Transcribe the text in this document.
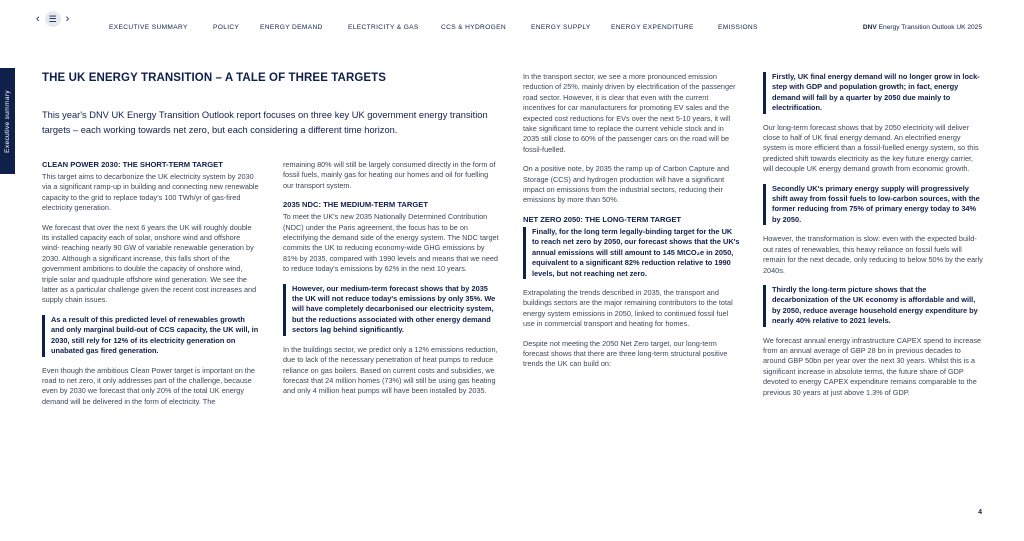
‹ ☰ ›
EXECUTIVE SUMMARY	POLICY	ENERGY DEMAND	ELECTRICITY & GAS	CCS & HYDROGEN	ENERGY SUPPLY	ENERGY EXPENDITURE	EMISSIONS	DNV Energy Transition Outlook UK 2025
Executive summary
THE UK ENERGY TRANSITION – A TALE OF THREE TARGETS
This year's DNV UK Energy Transition Outlook report focuses on three key UK government energy transition targets – each working towards net zero, but each considering a different time horizon.
CLEAN POWER 2030: THE SHORT-TERM TARGET

This target aims to decarbonize the UK electricity system by 2030 via a significant ramp-up in building and connecting new renewable capacity to the grid to replace today's 100 TWh/yr of gas-fired electricity generation.

We forecast that over the next 6 years the UK will roughly double its installed capacity each of solar, onshore wind and offshore wind- reaching nearly 90 GW of variable renewable generation by 2030. Although a significant increase, this falls short of the government ambitions to double the capacity of onshore wind, triple solar and quadruple offshore wind generation. We see the latter as a particular challenge given the recent cost increases and supply chain issues.

As a result of this predicted level of renewables growth and only marginal build-out of CCS capacity, the UK will, in 2030, still rely for 12% of its electricity generation on unabated gas fired generation.

Even though the ambitious Clean Power target is important on the road to net zero, it only addresses part of the challenge, because even by 2030 we forecast that only 20% of the total UK energy demand will be delivered in the form of electricity. The

remaining 80% will still be largely consumed directly in the form of fossil fuels, mainly gas for heating our homes and oil for fuelling our transport system.

2035 NDC: THE MEDIUM-TERM TARGET

To meet the UK's new 2035 Nationally Determined Contribution (NDC) under the Paris agreement, the focus has to be on electrifying the demand side of the energy system. The NDC target commits the UK to reducing economy-wide GHG emissions by 81% by 2035, compared with 1990 levels and means that we need to reduce today's emissions by 62% in the next 10 years.

However, our medium-term forecast shows that by 2035 the UK will not reduce today's emissions by only 35%. We will have completely decarbonised our electricity system, but the reductions associated with other energy demand sectors lag behind significantly.

In the buildings sector, we predict only a 12% emissions reduction, due to lack of the necessary penetration of heat pumps to reduce reliance on gas boilers. Based on current costs and subsidies, we forecast that 24 million homes (73%) will still be using gas heating and only 4 million heat pumps will have been installed by 2035.

In the transport sector, we see a more pronounced emission reduction of 25%, mainly driven by electrification of the passenger road sector. However, it is clear that even with the current incentives for car manufacturers for promoting EV sales and the expected cost reductions for EVs over the next 5-10 years, it will take significant time to replace the current vehicle stock and in 2035 still close to 60% of the passenger cars on the road will be fossil-fuelled.

On a positive note, by 2035 the ramp up of Carbon Capture and Storage (CCS) and hydrogen production will have a significant impact on emissions from the industrial sectors, reducing their emissions by more than 50%.

NET ZERO 2050: THE LONG-TERM TARGET
Finally, for the long term legally-binding target for the UK to reach net zero by 2050, our forecast shows that the UK's annual emissions will still amount to 145 MtCO₂e in 2050, equivalent to a significant 82% reduction relative to 1990 levels, but not reaching net zero.

Extrapolating the trends described in 2035, the transport and buildings sectors are the major remaining contributors to the total energy system emissions in 2050, linked to continued fossil fuel use in commercial transport and heating for homes.

Despite not meeting the 2050 Net Zero target, our long-term forecast shows that there are three long-term structural positive trends the UK can build on:

Firstly, UK final energy demand will no longer grow in lock-step with GDP and population growth; in fact, energy demand will fall by a quarter by 2050 due mainly to electrification.

Our long-term forecast shows that by 2050 electricity will deliver close to half of UK final energy demand. An electrified energy system is more efficient than a fossil-fuelled energy system, so this predicted shift towards electricity as the key future energy carrier, will decouple UK energy demand growth from economic growth.

Secondly UK's primary energy supply will progressively shift away from fossil fuels to low-carbon sources, with the former reducing from 75% of primary energy today to 34% by 2050.

However, the transformation is slow: even with the expected build-out rates of renewables, this heavy reliance on fossil fuels will remain for the next decade, only reducing to below 50% by the early 2040s.

Thirdly the long-term picture shows that the decarbonization of the UK economy is affordable and will, by 2050, reduce average household energy expenditure by nearly 40% relative to 2021 levels.

We forecast annual energy infrastructure CAPEX spend to increase from an annual average of GBP 28 bn in previous decades to around GBP 50bn per year over the next 30 years. Whilst this is a significant increase in absolute terms, the future share of GDP devoted to energy CAPEX expenditure remains comparable to the previous 30 years at just above 1.3% of GDP.

4
